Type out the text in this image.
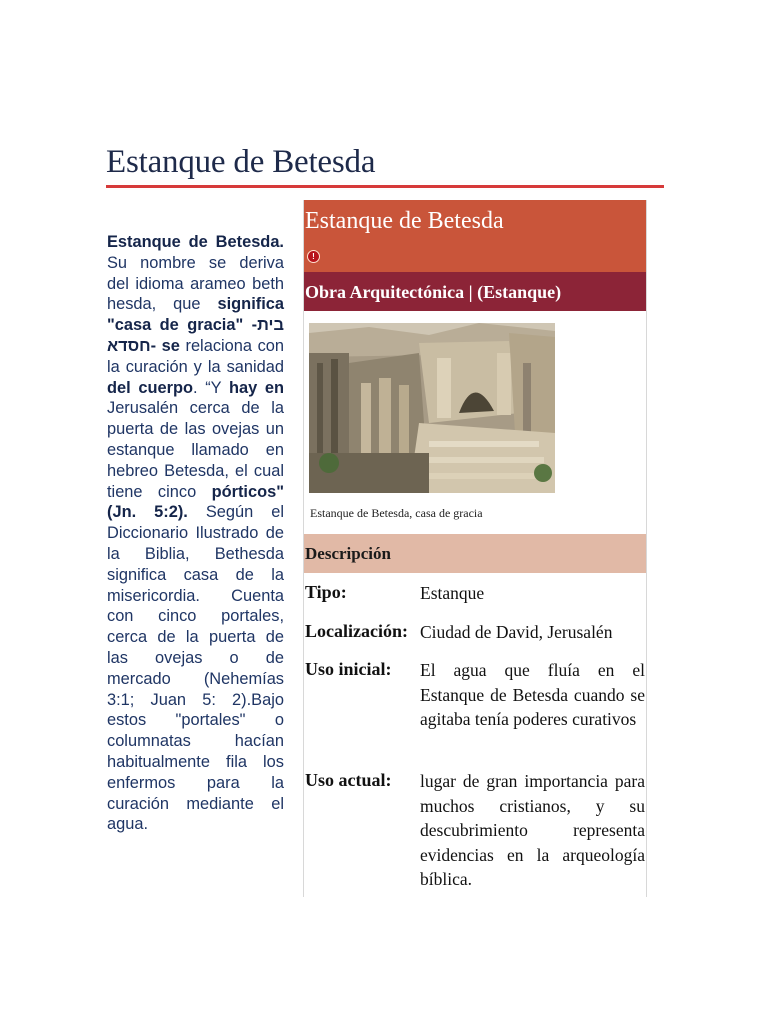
Estanque de Betesda

Estanque de Betesda. Su nombre se deriva del idioma arameo beth hesda, que significa "casa de gracia" -בית חסדא- se relaciona con la curación y la sanidad del cuerpo. “Y hay en Jerusalén cerca de la puerta de las ovejas un estanque llamado en hebreo Betesda, el cual tiene cinco pórticos" (Jn. 5:2). Según el Diccionario Ilustrado de la Biblia, Bethesda significa casa de la misericordia. Cuenta con cinco portales, cerca de la puerta de las ovejas o de mercado (Nehemías 3:1; Juan 5: 2).Bajo estos "portales" o columnatas hacían habitualmente fila los enfermos para la curación mediante el agua.

Estanque de Betesda
!
Obra Arquitectónica | (Estanque)
Estanque de Betesda, casa de gracia
Descripción
Tipo:	Estanque
Localización: Ciudad de David, Jerusalén
Uso inicial: El agua que fluía en el Estanque de Betesda cuando se agitaba tenía poderes curativos
Uso actual: lugar de gran importancia para muchos cristianos, y su descubrimiento representa evidencias en la arqueología bíblica.
